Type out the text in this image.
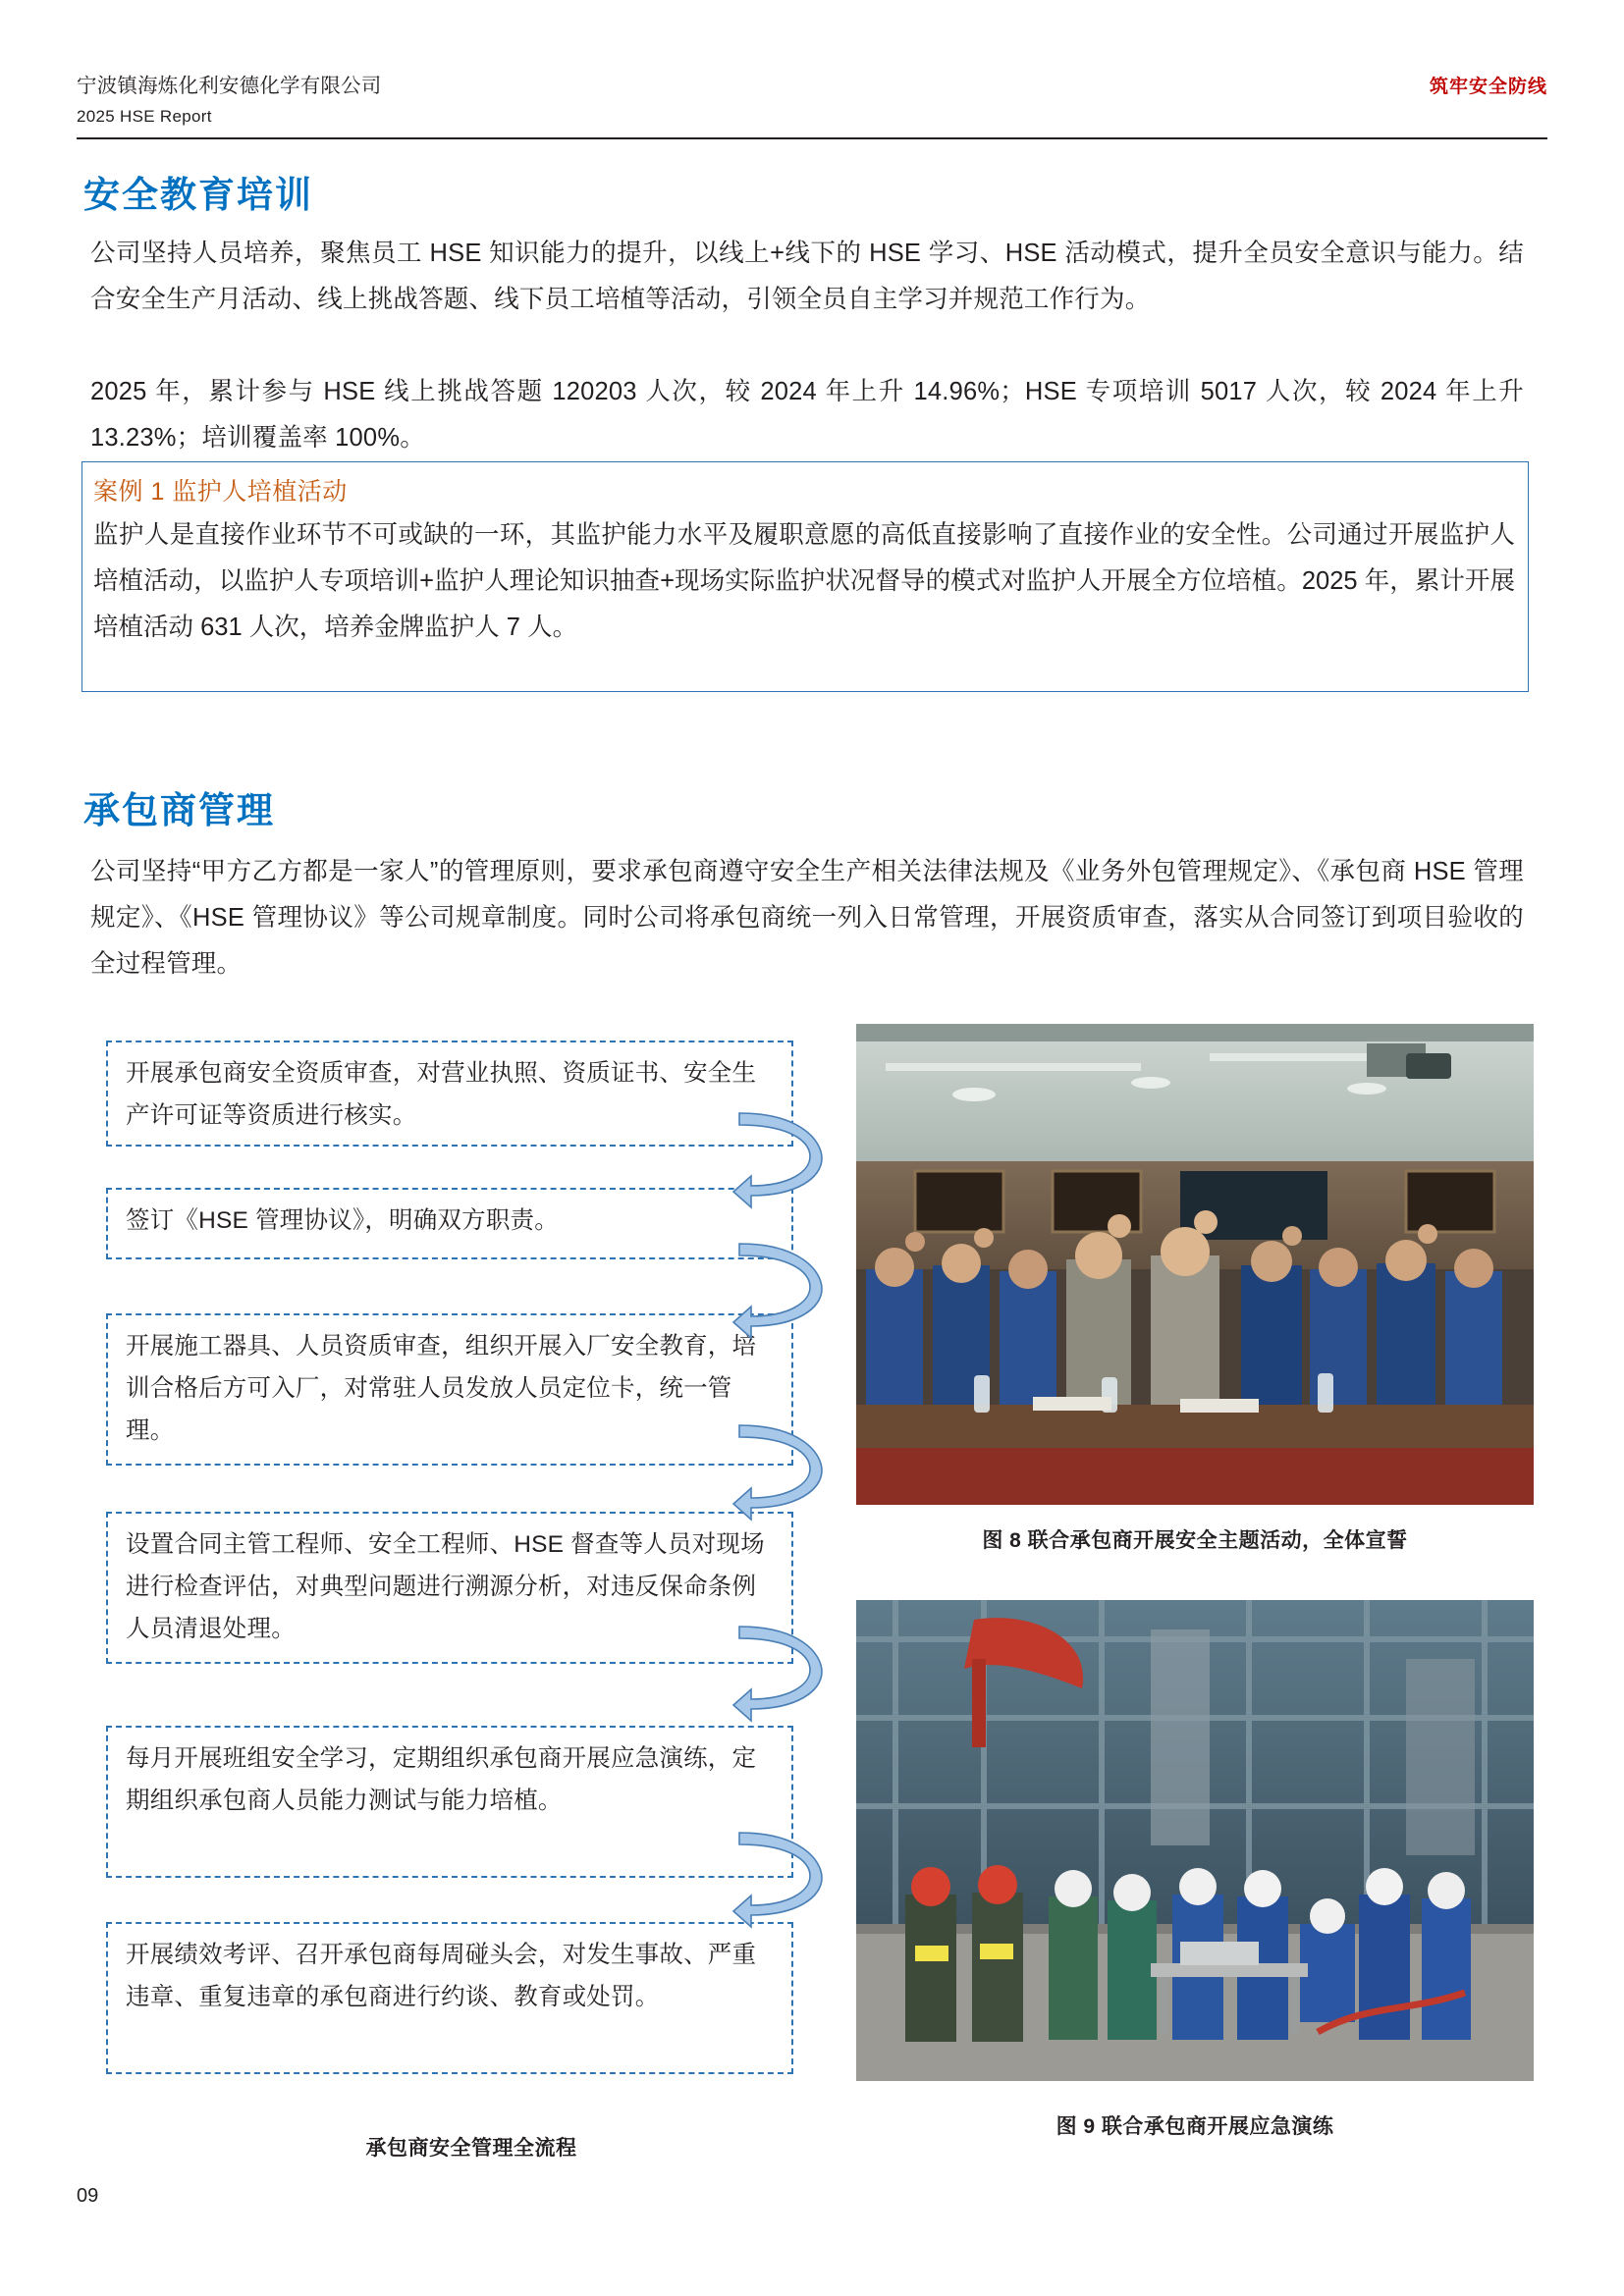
宁波镇海炼化利安德化学有限公司
2025 HSE Report
筑牢安全防线
安全教育培训
公司坚持人员培养，聚焦员工 HSE 知识能力的提升，以线上+线下的 HSE 学习、HSE 活动模式，提升全员安全意识与能力。结合安全生产月活动、线上挑战答题、线下员工培植等活动，引领全员自主学习并规范工作行为。
2025 年，累计参与 HSE 线上挑战答题 120203 人次，较 2024 年上升 14.96%；HSE 专项培训 5017 人次，较 2024 年上升 13.23%；培训覆盖率 100%。
案例 1 监护人培植活动
监护人是直接作业环节不可或缺的一环，其监护能力水平及履职意愿的高低直接影响了直接作业的安全性。公司通过开展监护人培植活动，以监护人专项培训+监护人理论知识抽查+现场实际监护状况督导的模式对监护人开展全方位培植。2025 年，累计开展培植活动 631 人次，培养金牌监护人 7 人。
承包商管理
公司坚持“甲方乙方都是一家人”的管理原则，要求承包商遵守安全生产相关法律法规及《业务外包管理规定》、《承包商 HSE 管理规定》、《HSE 管理协议》等公司规章制度。同时公司将承包商统一列入日常管理，开展资质审查，落实从合同签订到项目验收的全过程管理。
开展承包商安全资质审查，对营业执照、资质证书、安全生产许可证等资质进行核实。
签订《HSE 管理协议》，明确双方职责。
开展施工器具、人员资质审查，组织开展入厂安全教育，培训合格后方可入厂，对常驻人员发放人员定位卡，统一管理。
设置合同主管工程师、安全工程师、HSE 督查等人员对现场进行检查评估，对典型问题进行溯源分析，对违反保命条例人员清退处理。
每月开展班组安全学习，定期组织承包商开展应急演练，定期组织承包商人员能力测试与能力培植。
开展绩效考评、召开承包商每周碰头会，对发生事故、严重违章、重复违章的承包商进行约谈、教育或处罚。
承包商安全管理全流程
图 8 联合承包商开展安全主题活动，全体宣誓
图 9 联合承包商开展应急演练
09
